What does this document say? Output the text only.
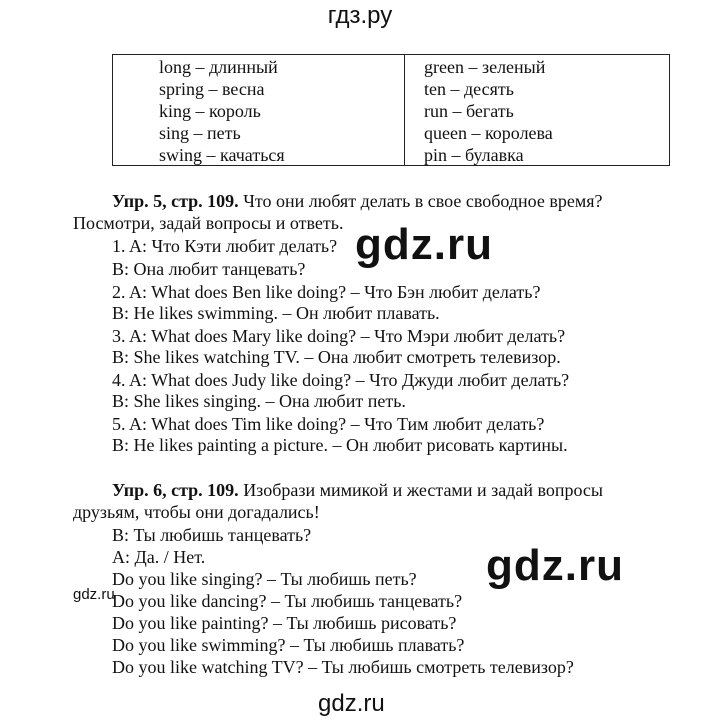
гдз.ру
long – длинный
spring – весна
king – король
sing – петь
swing – качаться
green – зеленый
ten – десять
run – бегать
queen – королева
pin – булавка
Упр. 5, стр. 109. Что они любят делать в свое свободное время?
Посмотри, задай вопросы и ответь.
1. A: Что Кэти любит делать?
B: Она любит танцевать?
2. A: What does Ben like doing? – Что Бэн любит делать?
B: He likes swimming. – Он любит плавать.
3. A: What does Mary like doing? – Что Мэри любит делать?
B: She likes watching TV. – Она любит смотреть телевизор.
4. A: What does Judy like doing? – Что Джуди любит делать?
B: She likes singing. – Она любит петь.
5. A: What does Tim like doing? – Что Тим любит делать?
B: He likes painting a picture. – Он любит рисовать картины.
Упр. 6, стр. 109. Изобрази мимикой и жестами и задай вопросы
друзьям, чтобы они догадались!
B: Ты любишь танцевать?
A: Да. / Нет.
Do you like singing? – Ты любишь петь?
Do you like dancing? – Ты любишь танцевать?
Do you like painting? – Ты любишь рисовать?
Do you like swimming? – Ты любишь плавать?
Do you like watching TV? – Ты любишь смотреть телевизор?
gdz.ru
gdz.ru
gdz.ru
gdz.ru
